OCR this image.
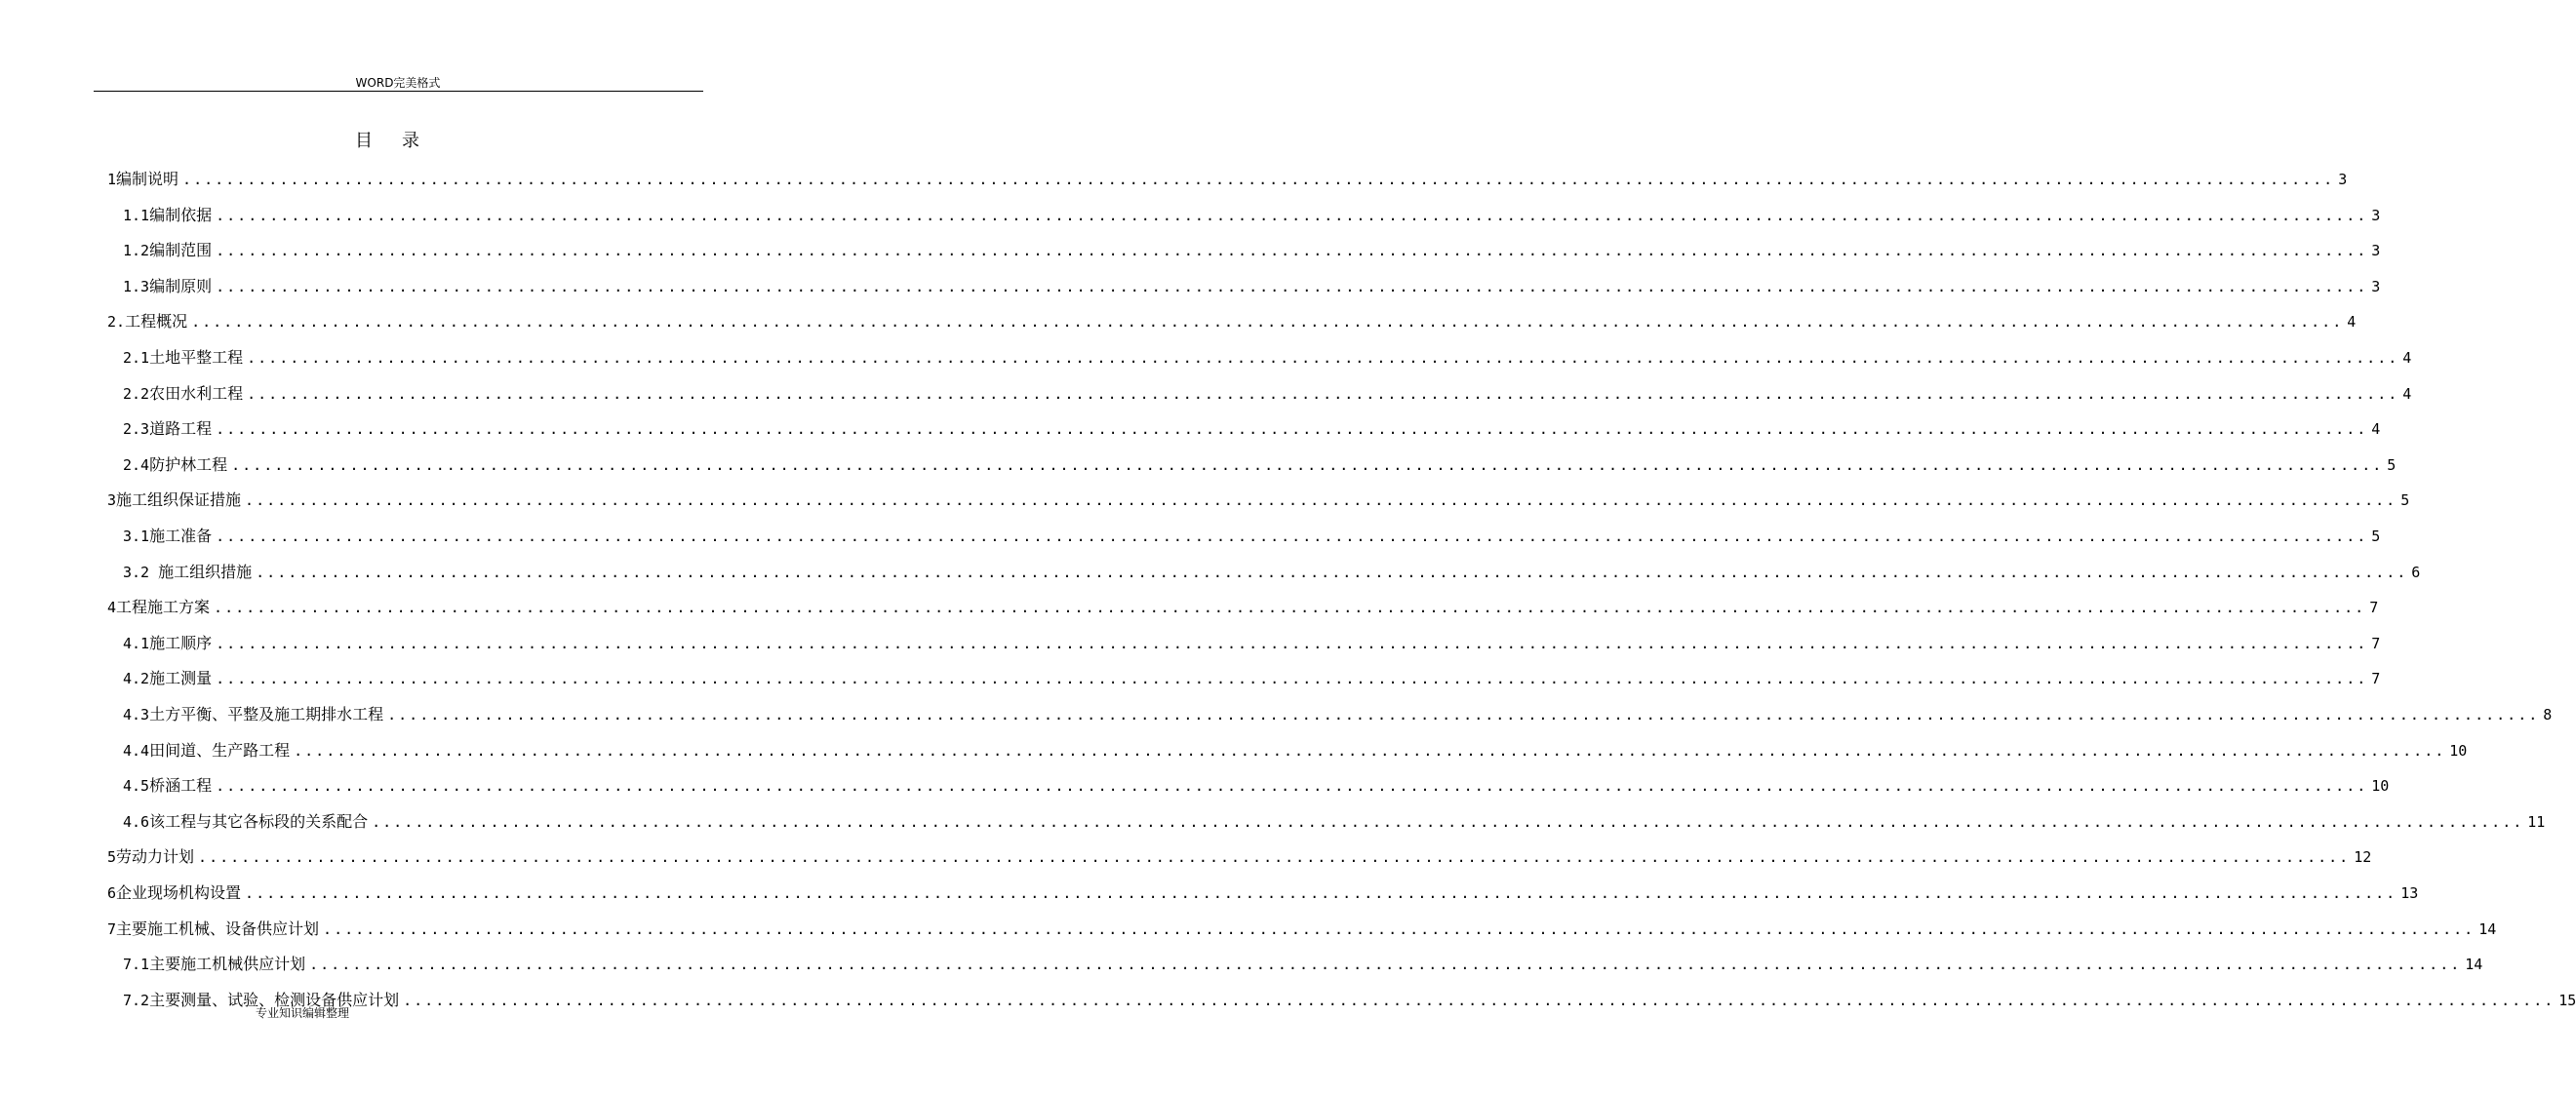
WORD完美格式
目录
1 编制说明 ........................................................................................................................................................................................................ 3
1.1 编制依据 ........................................................................................................................................................................................................ 3
1.2 编制范围 ........................................................................................................................................................................................................ 3
1.3 编制原则 ........................................................................................................................................................................................................ 3
2. 工程概况 ........................................................................................................................................................................................................ 4
2.1 土地平整工程 ........................................................................................................................................................................................................ 4
2.2 农田水利工程 ........................................................................................................................................................................................................ 4
2.3 道路工程 ........................................................................................................................................................................................................ 4
2.4 防护林工程 ........................................................................................................................................................................................................ 5
3 施工组织保证措施 ........................................................................................................................................................................................................ 5
3.1 施工准备 ........................................................................................................................................................................................................ 5
3.2 施工组织措施 ........................................................................................................................................................................................................ 6
4 工程施工方案 ........................................................................................................................................................................................................ 7
4.1 施工顺序 ........................................................................................................................................................................................................ 7
4.2 施工测量 ........................................................................................................................................................................................................ 7
4.3 土方平衡、平整及施工期排水工程 ........................................................................................................................................................................................................ 8
4.4 田间道、生产路工程 ........................................................................................................................................................................................................ 10
4.5 桥涵工程 ........................................................................................................................................................................................................ 10
4.6 该工程与其它各标段的关系配合 ........................................................................................................................................................................................................ 11
5 劳动力计划 ........................................................................................................................................................................................................ 12
6 企业现场机构设置 ........................................................................................................................................................................................................ 13
7 主要施工机械、设备供应计划 ........................................................................................................................................................................................................ 14
7.1 主要施工机械供应计划 ........................................................................................................................................................................................................ 14
7.2 主要测量、试验、检测设备供应计划 ........................................................................................................................................................................................................ 15
专业知识编辑整理
